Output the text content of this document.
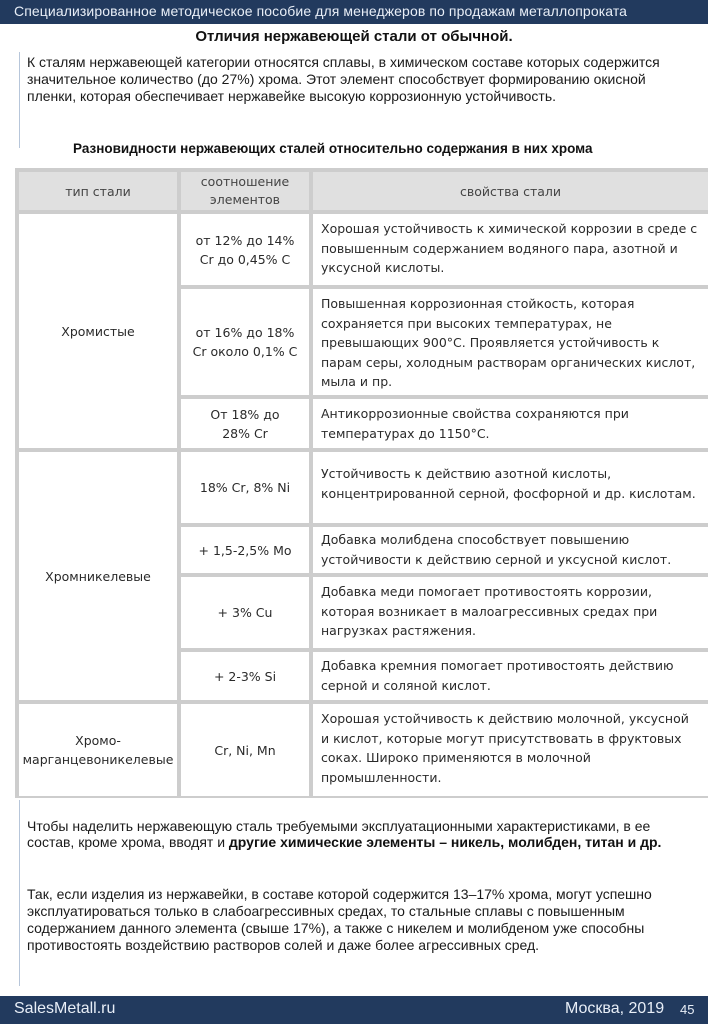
Специализированное методическое пособие для менеджеров по продажам металлопроката
Отличия нержавеющей стали от обычной.
К сталям нержавеющей категории относятся сплавы, в химическом составе которых содержится значительное количество (до 27%) хрома. Этот элемент способствует формированию окисной пленки, которая обеспечивает нержавейке высокую коррозионную устойчивость.
Разновидности нержавеющих сталей относительно содержания в них хрома
тип стали
соотношение элементов
свойства стали
Хромистые
от 12% до 14% Cr до 0,45% C
Хорошая устойчивость к химической коррозии в среде с повышенным содержанием водяного пара, азотной и уксусной кислоты.
от 16% до 18% Cr около 0,1% C
Повышенная коррозионная стойкость, которая сохраняется при высоких температурах, не превышающих 900°С. Проявляется устойчивость к парам серы, холодным растворам органических кислот, мыла и пр.
От 18% до 28% Cr
Антикоррозионные свойства сохраняются при температурах до 1150°С.
Хромникелевые
18% Cr, 8% Ni
Устойчивость к действию азотной кислоты, концентрированной серной, фосфорной и др. кислотам.
+ 1,5-2,5% Mo
Добавка молибдена способствует повышению устойчивости к действию серной и уксусной кислот.
+ 3% Cu
Добавка меди помогает противостоять коррозии, которая возникает в малоагрессивных средах при нагрузках растяжения.
+ 2-3% Si
Добавка кремния помогает противостоять действию серной и соляной кислот.
Хромо-марганцевоникелевые
Cr, Ni, Mn
Хорошая устойчивость к действию молочной, уксусной и кислот, которые могут присутствовать в фруктовых соках. Широко применяются в молочной промышленности.
Чтобы наделить нержавеющую сталь требуемыми эксплуатационными характеристиками, в ее состав, кроме хрома, вводят и другие химические элементы – никель, молибден, титан и др.
Так, если изделия из нержавейки, в составе которой содержится 13–17% хрома, могут успешно эксплуатироваться только в слабоагрессивных средах, то стальные сплавы с повышенным содержанием данного элемента (свыше 17%), а также с никелем и молибденом уже способны противостоять воздействию растворов солей и даже более агрессивных сред.
SalesMetall.ru	Москва, 2019 45
